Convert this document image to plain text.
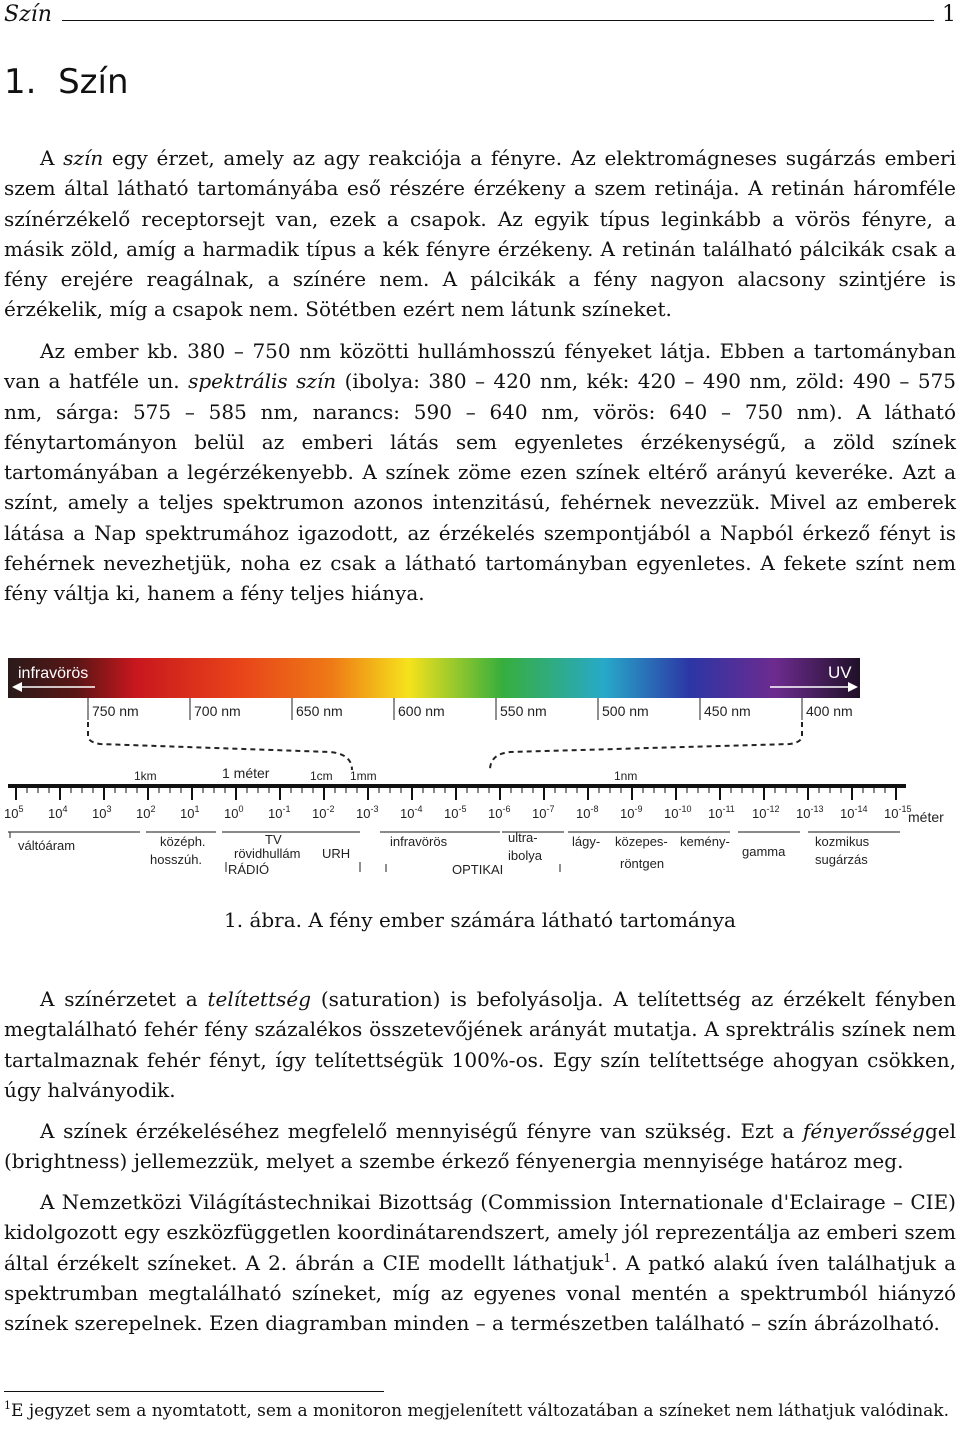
Szín	1
1. Szín

A szín egy érzet, amely az agy reakciója a fényre. Az elektromágneses sugárzás emberi szem által látható tartományába eső részére érzékeny a szem retinája. A retinán háromféle színérzékelő receptorsejt van, ezek a csapok. Az egyik típus leginkább a vörös fényre, a másik zöld, amíg a harmadik típus a kék fényre érzékeny. A retinán található pálcikák csak a fény erejére reagálnak, a színére nem. A pálcikák a fény nagyon alacsony szintjére is érzékelik, míg a csapok nem. Sötétben ezért nem látunk színeket.

Az ember kb. 380 – 750 nm közötti hullámhosszú fényeket látja. Ebben a tartományban van a hatféle un. spektrális szín (ibolya: 380 – 420 nm, kék: 420 – 490 nm, zöld: 490 – 575 nm, sárga: 575 – 585 nm, narancs: 590 – 640 nm, vörös: 640 – 750 nm). A látható fénytartományon belül az emberi látás sem egyenletes érzékenységű, a zöld színek tartományában a legérzékenyebb. A színek zöme ezen színek eltérő arányú keveréke. Azt a színt, amely a teljes spektrumon azonos intenzitású, fehérnek nevezzük. Mivel az emberek látása a Nap spektrumához igazodott, az érzékelés szempontjából a Napból érkező fényt is fehérnek nevezhetjük, noha ez csak a látható tartományban egyenletes. A fekete színt nem fény váltja ki, hanem a fény teljes hiánya.

infravörös	UV
750 nm	700 nm	650 nm	600 nm	550 nm	500 nm	450 nm	400 nm
1km	1 méter	1cm 1mm	1nm
$10^5$ $10^4$ $10^3$ $10^2$ $10^1$ $10^0$ $10^{-1}$ $10^{-2}$ $10^{-3}$ $10^{-4}$ $10^{-5}$ $10^{-6}$ $10^{-7}$ $10^{-8}$ $10^{-9}$ $10^{-10}$ $10^{-11}$ $10^{-12}$ $10^{-13}$ $10^{-14}$ $10^{-15}$
méter
váltóáram	középh.
hosszúh.
TV
rövidhullám URH
RÁDIÓ
infravörös	ultra-
ibolya
OPTIKAI
lágy- közepes- kemény-
röntgen
gamma
kozmikus
sugárzás
1. ábra. A fény ember számára látható tartománya

A színérzetet a telítettség (saturation) is befolyásolja. A telítettség az érzékelt fényben megtalálható fehér fény százalékos összetevőjének arányát mutatja. A sprektrális színek nem tartalmaznak fehér fényt, így telítettségük 100%-os. Egy szín telítettsége ahogyan csökken, úgy halványodik.

A színek érzékeléséhez megfelelő mennyiségű fényre van szükség. Ezt a fényerősséggel (brightness) jellemezzük, melyet a szembe érkező fényenergia mennyisége határoz meg.

A Nemzetközi Világítástechnikai Bizottság (Commission Internationale d'Eclairage – CIE) kidolgozott egy eszközfüggetlen koordinátarendszert, amely jól reprezentálja az emberi szem által érzékelt színeket. A 2. ábrán a CIE modellt láthatjuk$^1$. A patkó alakú íven találhatjuk a spektrumban megtalálható színeket, míg az egyenes vonal mentén a spektrumból hiányzó színek szerepelnek. Ezen diagramban minden – a természetben található – szín ábrázolható.

$^1$E jegyzet sem a nyomtatott, sem a monitoron megjelenített változatában a színeket nem láthatjuk valódinak.
